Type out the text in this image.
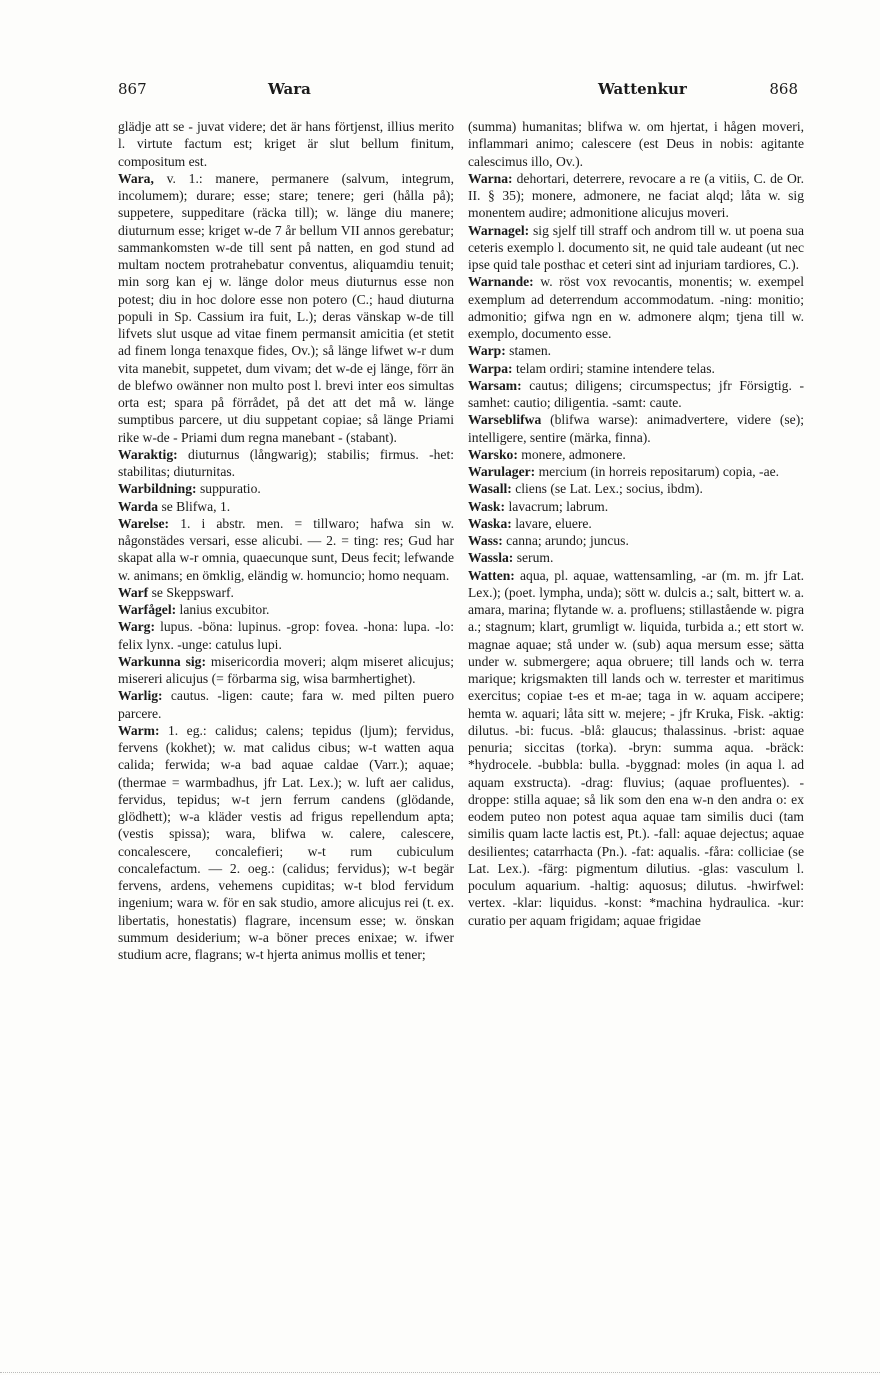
867	Wara	Wattenkur	868

glädje att se - juvat videre; det är hans förtjenst, illius merito l. virtute factum est; kriget är slut bellum finitum, compositum est.

Wara, v. 1.: manere, permanere (salvum, integrum, incolumem); durare; esse; stare; tenere; geri (hålla på); suppetere, suppeditare (räcka till); w. länge diu manere; diuturnum esse; kriget w-de 7 år bellum VII annos gerebatur; sammankomsten w-de till sent på natten, en god stund ad multam noctem protrahebatur conventus, aliquamdiu tenuit; min sorg kan ej w. länge dolor meus diuturnus esse non potest; diu in hoc dolore esse non potero (C.; haud diuturna populi in Sp. Cassium ira fuit, L.); deras vänskap w-de till lifvets slut usque ad vitae finem permansit amicitia (et stetit ad finem longa tenaxque fides, Ov.); så länge lifwet w-r dum vita manebit, suppetet, dum vivam; det w-de ej länge, förr än de blefwo owänner non multo post l. brevi inter eos simultas orta est; spara på förrådet, på det att det må w. länge sumptibus parcere, ut diu suppetant copiae; så länge Priami rike w-de - Priami dum regna manebant - (stabant).

Waraktig: diuturnus (långwarig); stabilis; firmus. -het: stabilitas; diuturnitas.

Warbildning: suppuratio.

Warda se Blifwa, 1.

Warelse: 1. i abstr. men. = tillwaro; hafwa sin w. någonstädes versari, esse alicubi. — 2. = ting: res; Gud har skapat alla w-r omnia, quaecunque sunt, Deus fecit; lefwande w. animans; en ömklig, eländig w. homuncio; homo nequam.

Warf se Skeppswarf.

Warfågel: lanius excubitor.

Warg: lupus. -böna: lupinus. -grop: fovea. -hona: lupa. -lo: felix lynx. -unge: catulus lupi.

Warkunna sig: misericordia moveri; alqm miseret alicujus; misereri alicujus (= förbarma sig, wisa barmhertighet).

Warlig: cautus. -ligen: caute; fara w. med pilten puero parcere.

Warm: 1. eg.: calidus; calens; tepidus (ljum); fervidus, fervens (kokhet); w. mat calidus cibus; w-t watten aqua calida; ferwida; w-a bad aquae caldae (Varr.); aquae; (thermae = warmbadhus, jfr Lat. Lex.); w. luft aer calidus, fervidus, tepidus; w-t jern ferrum candens (glödande, glödhett); w-a kläder vestis ad frigus repellendum apta; (vestis spissa); wara, blifwa w. calere, calescere, concalescere, concalefieri; w-t rum cubiculum concalefactum. — 2. oeg.: (calidus; fervidus); w-t begär fervens, ardens, vehemens cupiditas; w-t blod fervidum ingenium; wara w. för en sak studio, amore alicujus rei (t. ex. libertatis, honestatis) flagrare, incensum esse; w. önskan summum desiderium; w-a böner preces enixae; w. ifwer studium acre, flagrans; w-t hjerta animus mollis et tener;

(summa) humanitas; blifwa w. om hjertat, i hågen moveri, inflammari animo; calescere (est Deus in nobis: agitante calescimus illo, Ov.).

Warna: dehortari, deterrere, revocare a re (a vitiis, C. de Or. II. § 35); monere, admonere, ne faciat alqd; låta w. sig monentem audire; admonitione alicujus moveri.

Warnagel: sig sjelf till straff och androm till w. ut poena sua ceteris exemplo l. documento sit, ne quid tale audeant (ut nec ipse quid tale posthac et ceteri sint ad injuriam tardiores, C.).

Warnande: w. röst vox revocantis, monentis; w. exempel exemplum ad deterrendum accommodatum. -ning: monitio; admonitio; gifwa ngn en w. admonere alqm; tjena till w. exemplo, documento esse.

Warp: stamen.

Warpa: telam ordiri; stamine intendere telas.

Warsam: cautus; diligens; circumspectus; jfr Försigtig. -samhet: cautio; diligentia. -samt: caute.

Warseblifwa (blifwa warse): animadvertere, videre (se); intelligere, sentire (märka, finna).

Warsko: monere, admonere.

Warulager: mercium (in horreis repositarum) copia, -ae.

Wasall: cliens (se Lat. Lex.; socius, ibdm).

Wask: lavacrum; labrum.

Waska: lavare, eluere.

Wass: canna; arundo; juncus.

Wassla: serum.

Watten: aqua, pl. aquae, wattensamling, -ar (m. m. jfr Lat. Lex.); (poet. lympha, unda); sött w. dulcis a.; salt, bittert w. a. amara, marina; flytande w. a. profluens; stillastående w. pigra a.; stagnum; klart, grumligt w. liquida, turbida a.; ett stort w. magnae aquae; stå under w. (sub) aqua mersum esse; sätta under w. submergere; aqua obruere; till lands och w. terra marique; krigsmakten till lands och w. terrester et maritimus exercitus; copiae t-es et m-ae; taga in w. aquam accipere; hemta w. aquari; låta sitt w. mejere; - jfr Kruka, Fisk. -aktig: dilutus. -bi: fucus. -blå: glaucus; thalassinus. -brist: aquae penuria; siccitas (torka). -bryn: summa aqua. -bräck: *hydrocele. -bubbla: bulla. -byggnad: moles (in aqua l. ad aquam exstructa). -drag: fluvius; (aquae profluentes). -droppe: stilla aquae; så lik som den ena w-n den andra o: ex eodem puteo non potest aqua aquae tam similis duci (tam similis quam lacte lactis est, Pt.). -fall: aquae dejectus; aquae desilientes; catarrhacta (Pn.). -fat: aqualis. -fåra: colliciae (se Lat. Lex.). -färg: pigmentum dilutius. -glas: vasculum l. poculum aquarium. -haltig: aquosus; dilutus. -hwirfwel: vertex. -klar: liquidus. -konst: *machina hydraulica. -kur: curatio per aquam frigidam; aquae frigidae
